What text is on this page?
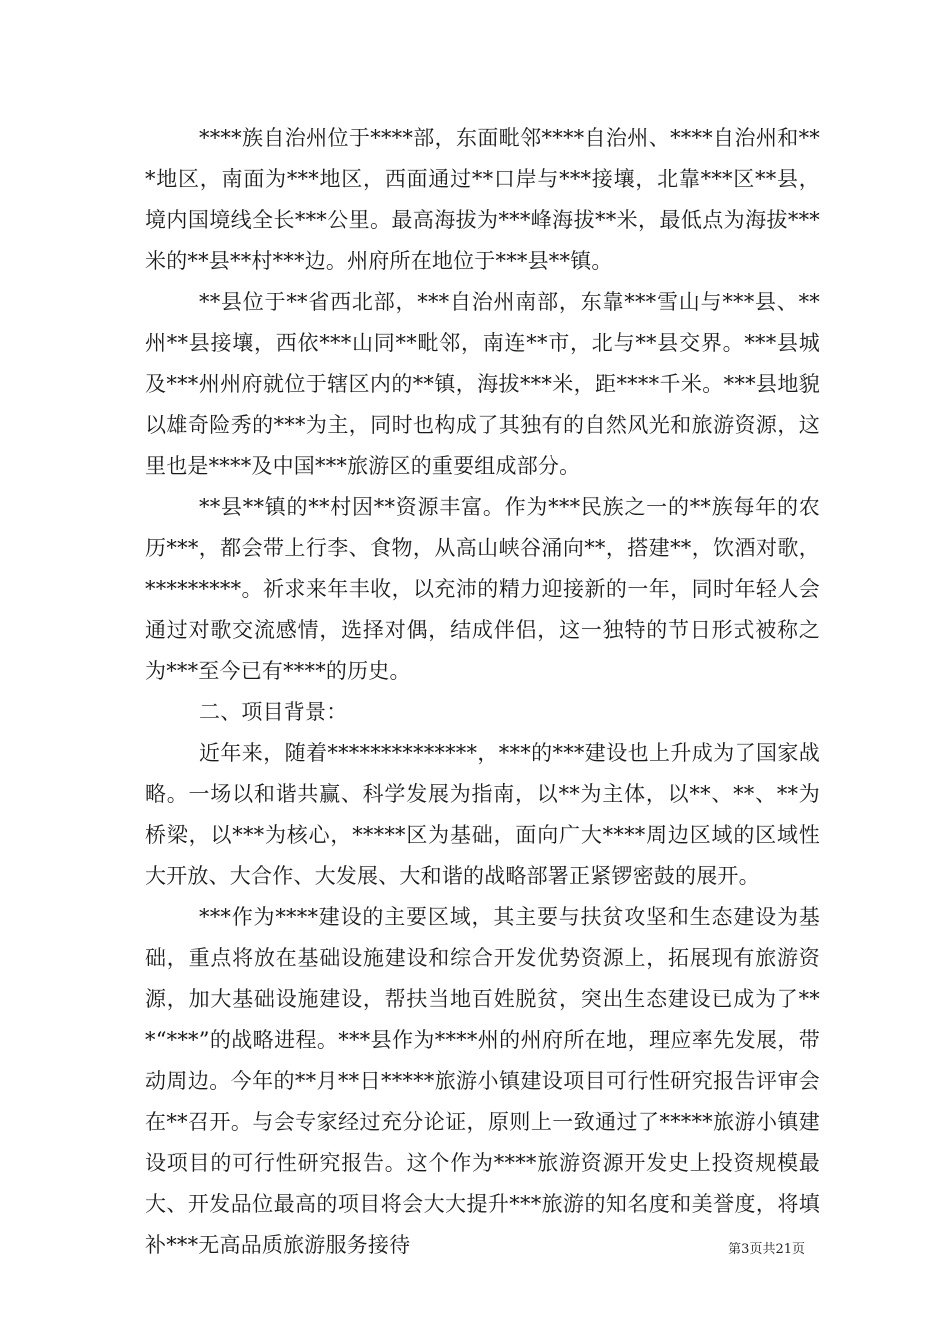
****族自治州位于****部，东面毗邻****自治州、****自治州和***地区，南面为***地区，西面通过**口岸与***接壤，北靠***区**县，境内国境线全长***公里。最高海拔为***峰海拔**米，最低点为海拔***米的**县**村***边。州府所在地位于***县**镇。

**县位于**省西北部，***自治州南部，东靠***雪山与***县、**州**县接壤，西依***山同**毗邻，南连**市，北与**县交界。***县城及***州州府就位于辖区内的**镇，海拔***米，距****千米。***县地貌以雄奇险秀的***为主，同时也构成了其独有的自然风光和旅游资源，这里也是****及中国***旅游区的重要组成部分。

**县**镇的**村因**资源丰富。作为***民族之一的**族每年的农历***，都会带上行李、食物，从高山峡谷涌向**，搭建**，饮酒对歌，*********。祈求来年丰收，以充沛的精力迎接新的一年，同时年轻人会通过对歌交流感情，选择对偶，结成伴侣，这一独特的节日形式被称之为***至今已有****的历史。

二、项目背景：

近年来，随着**************，***的***建设也上升成为了国家战略。一场以和谐共赢、科学发展为指南，以**为主体，以**、**、**为桥梁，以***为核心，*****区为基础，面向广大****周边区域的区域性大开放、大合作、大发展、大和谐的战略部署正紧锣密鼓的展开。

***作为****建设的主要区域，其主要与扶贫攻坚和生态建设为基础，重点将放在基础设施建设和综合开发优势资源上，拓展现有旅游资源，加大基础设施建设，帮扶当地百姓脱贫，突出生态建设已成为了***“***”的战略进程。***县作为****州的州府所在地，理应率先发展，带动周边。今年的**月**日*****旅游小镇建设项目可行性研究报告评审会在**召开。与会专家经过充分论证，原则上一致通过了*****旅游小镇建设项目的可行性研究报告。这个作为****旅游资源开发史上投资规模最大、开发品位最高的项目将会大大提升***旅游的知名度和美誉度，将填补***无高品质旅游服务接待	第3页共21页
